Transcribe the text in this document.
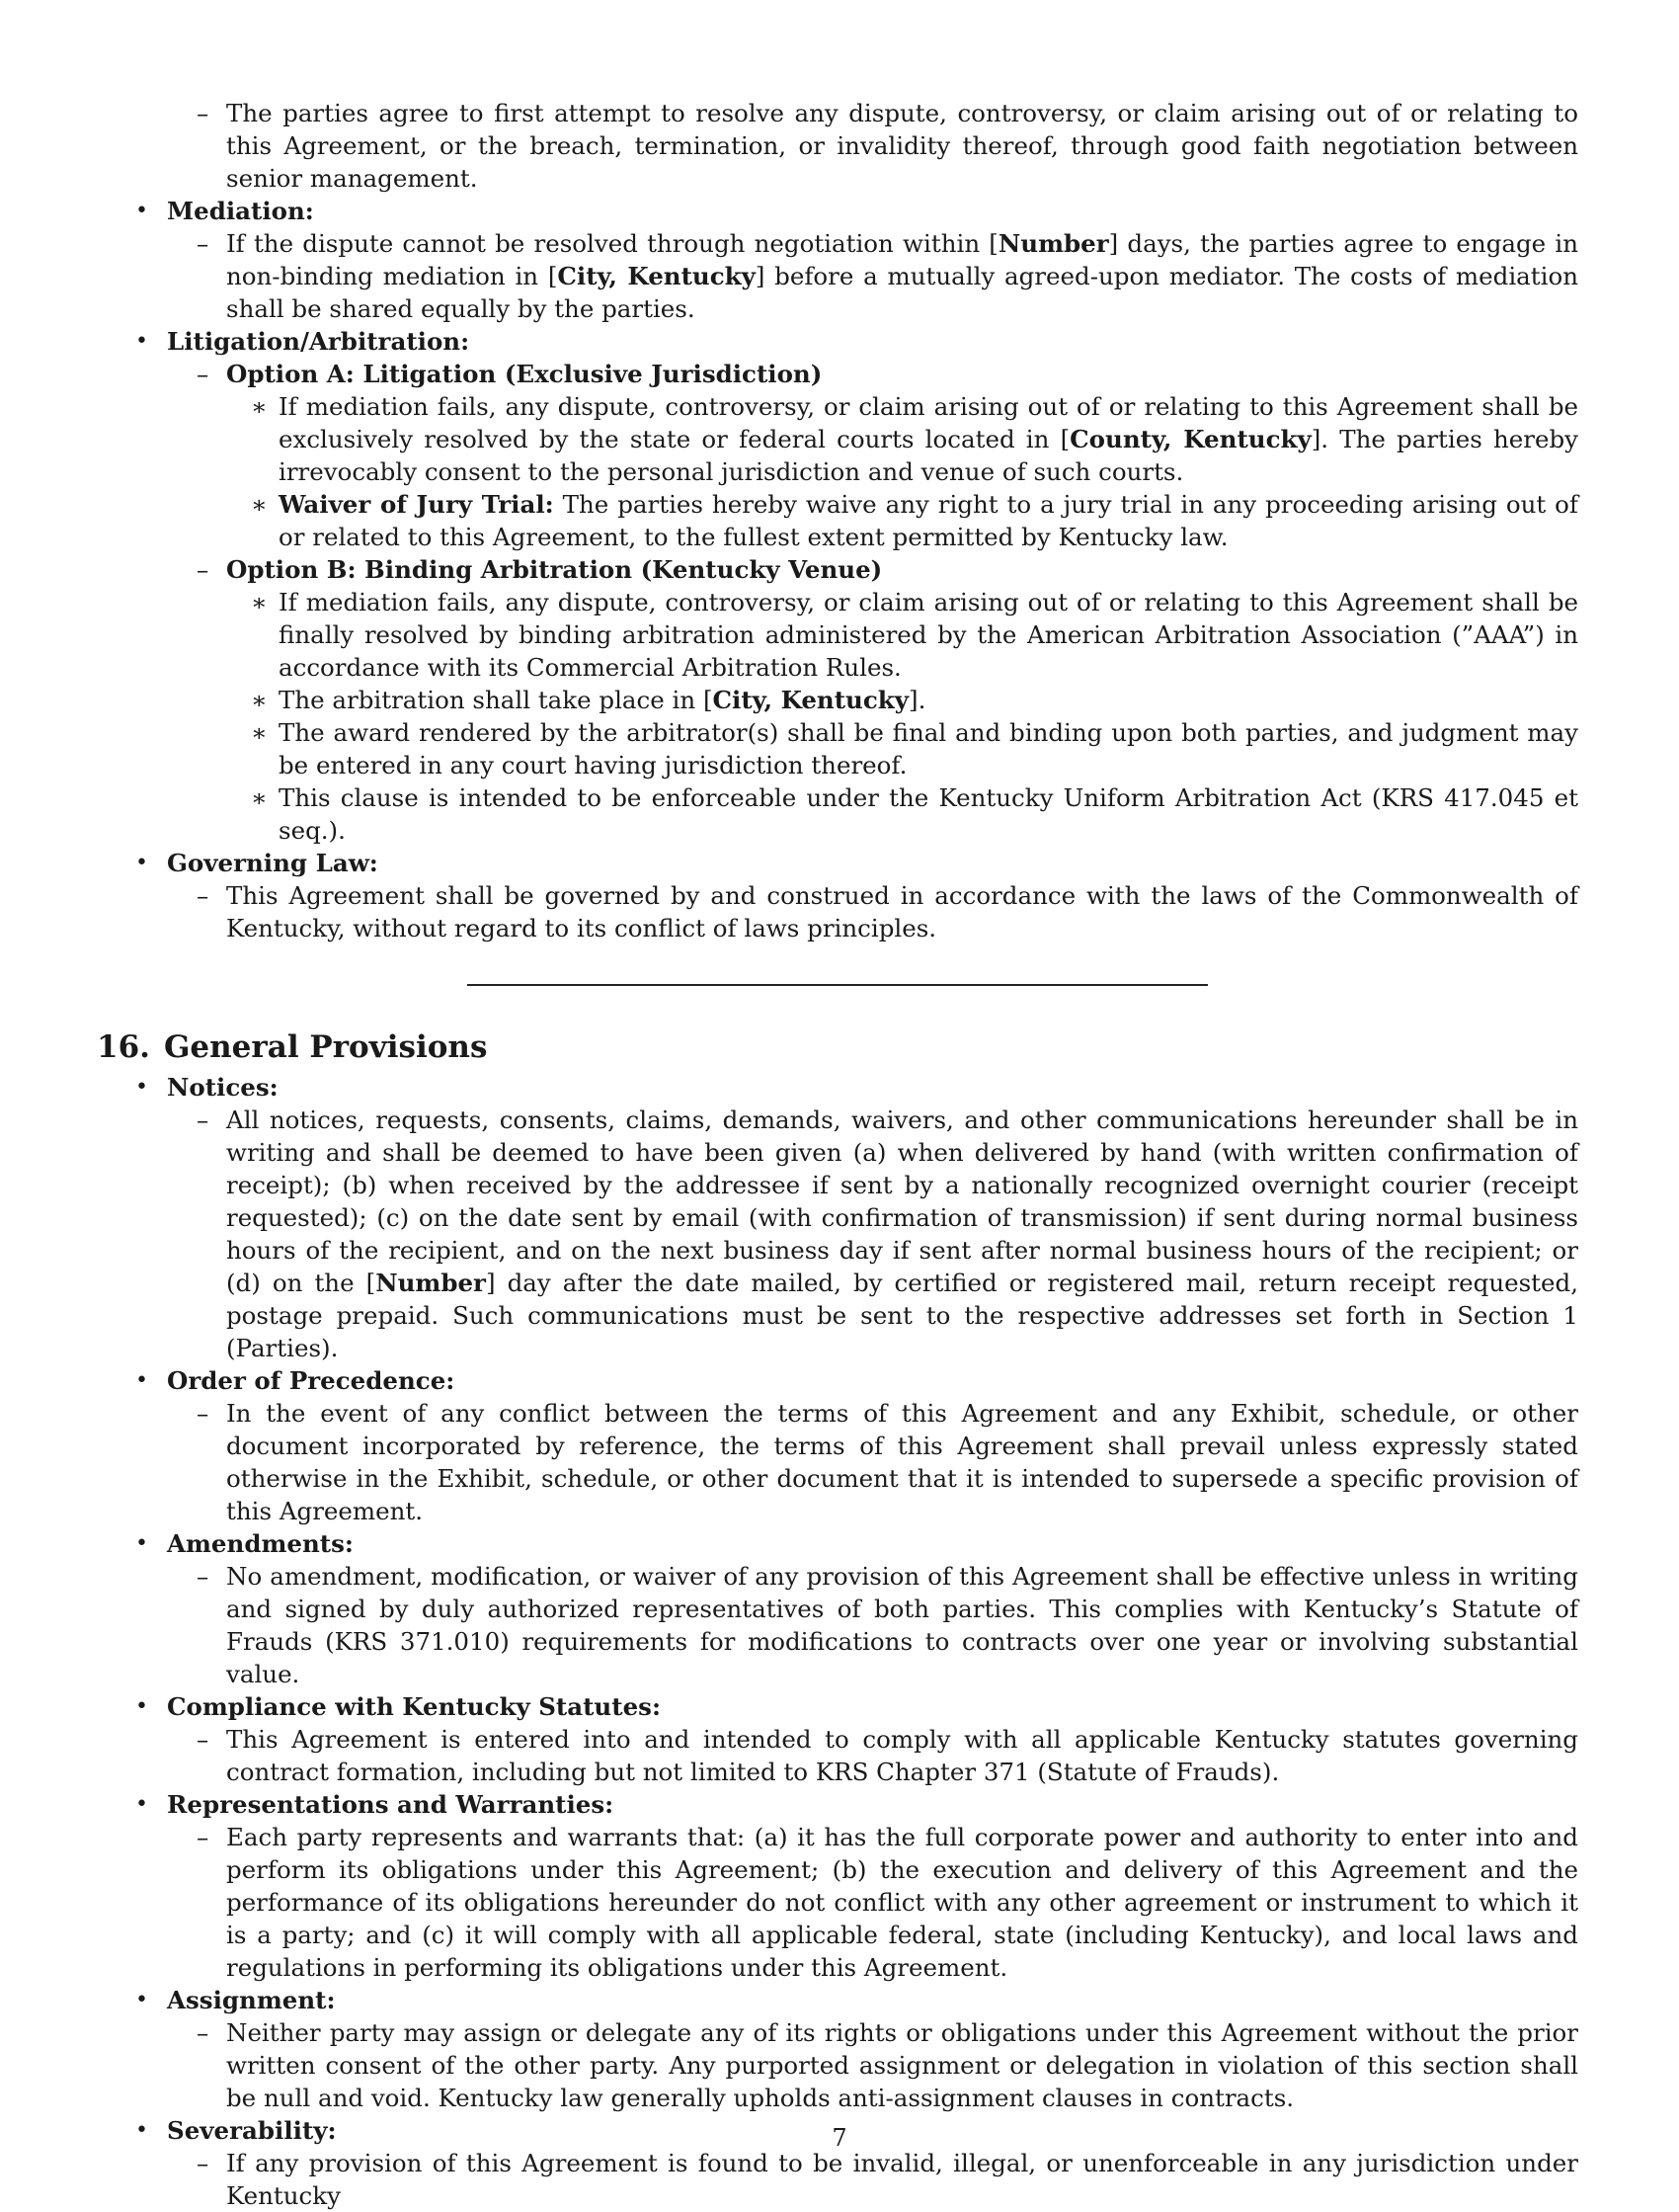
– The parties agree to first attempt to resolve any dispute, controversy, or claim arising out of or relating to this Agreement, or the breach, termination, or invalidity thereof, through good faith negotiation between senior management.
• Mediation:
– If the dispute cannot be resolved through negotiation within [Number] days, the parties agree to engage in non-binding mediation in [City, Kentucky] before a mutually agreed-upon mediator. The costs of mediation shall be shared equally by the parties.
• Litigation/Arbitration:
– Option A: Litigation (Exclusive Jurisdiction)
∗ If mediation fails, any dispute, controversy, or claim arising out of or relating to this Agreement shall be exclusively resolved by the state or federal courts located in [County, Kentucky]. The parties hereby irrevocably consent to the personal jurisdiction and venue of such courts.
∗ Waiver of Jury Trial: The parties hereby waive any right to a jury trial in any proceeding arising out of or related to this Agreement, to the fullest extent permitted by Kentucky law.
– Option B: Binding Arbitration (Kentucky Venue)
∗ If mediation fails, any dispute, controversy, or claim arising out of or relating to this Agreement shall be finally resolved by binding arbitration administered by the American Arbitration Association (”AAA”) in accordance with its Commercial Arbitration Rules.
∗ The arbitration shall take place in [City, Kentucky].
∗ The award rendered by the arbitrator(s) shall be final and binding upon both parties, and judgment may be entered in any court having jurisdiction thereof.
∗ This clause is intended to be enforceable under the Kentucky Uniform Arbitration Act (KRS 417.045 et seq.).
• Governing Law:
– This Agreement shall be governed by and construed in accordance with the laws of the Commonwealth of Kentucky, without regard to its conflict of laws principles.
16. General Provisions
• Notices:
– All notices, requests, consents, claims, demands, waivers, and other communications hereunder shall be in writing and shall be deemed to have been given (a) when delivered by hand (with written confirmation of receipt); (b) when received by the addressee if sent by a nationally recognized overnight courier (receipt requested); (c) on the date sent by email (with confirmation of transmission) if sent during normal business hours of the recipient, and on the next business day if sent after normal business hours of the recipient; or (d) on the [Number] day after the date mailed, by certified or registered mail, return receipt requested, postage prepaid. Such communications must be sent to the respective addresses set forth in Section 1 (Parties).
• Order of Precedence:
– In the event of any conflict between the terms of this Agreement and any Exhibit, schedule, or other document incorporated by reference, the terms of this Agreement shall prevail unless expressly stated otherwise in the Exhibit, schedule, or other document that it is intended to supersede a specific provision of this Agreement.
• Amendments:
– No amendment, modification, or waiver of any provision of this Agreement shall be effective unless in writing and signed by duly authorized representatives of both parties. This complies with Kentucky’s Statute of Frauds (KRS 371.010) requirements for modifications to contracts over one year or involving substantial value.
• Compliance with Kentucky Statutes:
– This Agreement is entered into and intended to comply with all applicable Kentucky statutes governing contract formation, including but not limited to KRS Chapter 371 (Statute of Frauds).
• Representations and Warranties:
– Each party represents and warrants that: (a) it has the full corporate power and authority to enter into and perform its obligations under this Agreement; (b) the execution and delivery of this Agreement and the performance of its obligations hereunder do not conflict with any other agreement or instrument to which it is a party; and (c) it will comply with all applicable federal, state (including Kentucky), and local laws and regulations in performing its obligations under this Agreement.
• Assignment:
– Neither party may assign or delegate any of its rights or obligations under this Agreement without the prior written consent of the other party. Any purported assignment or delegation in violation of this section shall be null and void. Kentucky law generally upholds anti-assignment clauses in contracts.
• Severability:
– If any provision of this Agreement is found to be invalid, illegal, or unenforceable in any jurisdiction under Kentucky
7
